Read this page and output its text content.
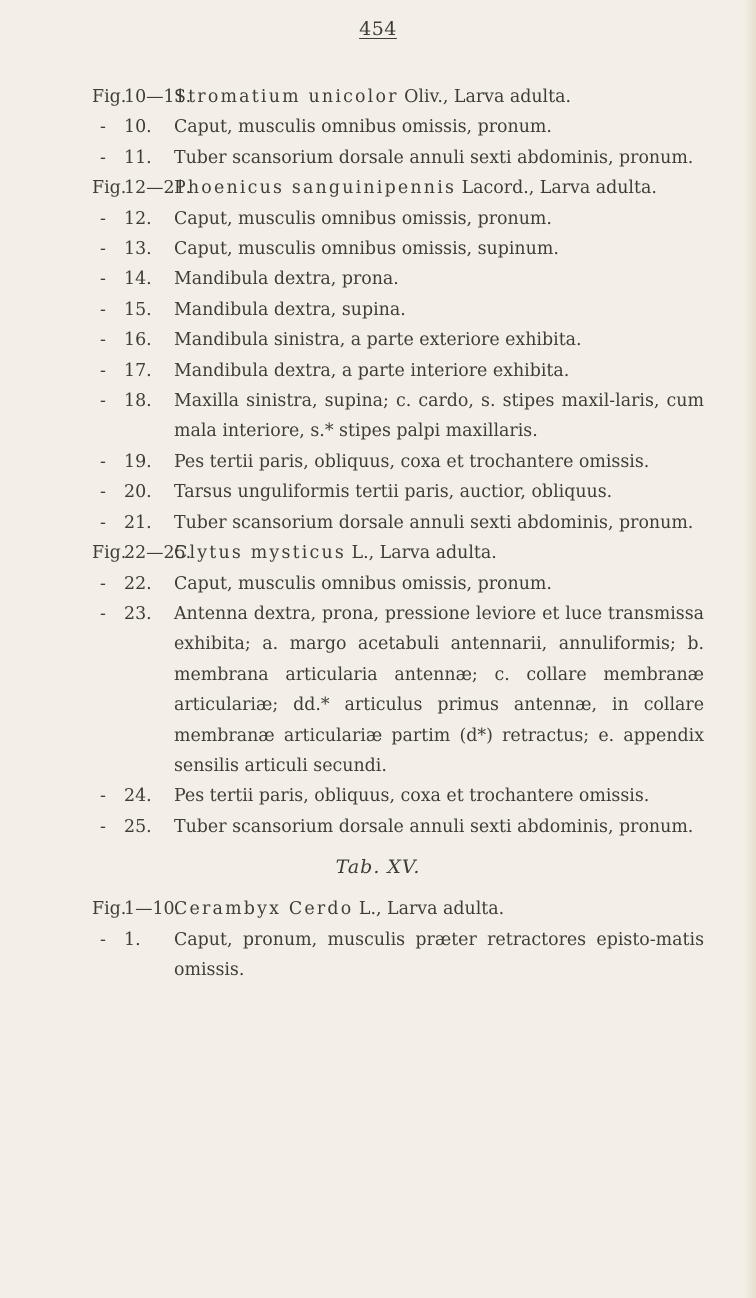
454
Fig.
10—11.
Stromatium unicolor Oliv., Larva adulta.
- 10. Caput, musculis omnibus omissis, pronum.
- 11. Tuber scansorium dorsale annuli sexti abdominis, pronum.
Fig.
12—21.
Phoenicus sanguinipennis Lacord., Larva adulta.
- 12. Caput, musculis omnibus omissis, pronum.
- 13. Caput, musculis omnibus omissis, supinum.
- 14. Mandibula dextra, prona.
- 15. Mandibula dextra, supina.
- 16. Mandibula sinistra, a parte exteriore exhibita.
- 17. Mandibula dextra, a parte interiore exhibita.
- 18. Maxilla sinistra, supina; c. cardo, s. stipes maxil-laris, cum mala interiore, s.* stipes palpi maxillaris.
- 19. Pes tertii paris, obliquus, coxa et trochantere omissis.
- 20. Tarsus unguliformis tertii paris, auctior, obliquus.
- 21. Tuber scansorium dorsale annuli sexti abdominis, pronum.
Fig.
22—25.
Clytus mysticus L., Larva adulta.
- 22. Caput, musculis omnibus omissis, pronum.
- 23. Antenna dextra, prona, pressione leviore et luce transmissa exhibita; a. margo acetabuli antennarii, annuliformis; b. membrana articularia antennæ; c. collare membranæ articulariæ; dd.* articulus primus antennæ, in collare membranæ articulariæ partim (d*) retractus; e. appendix sensilis articuli secundi.
- 24. Pes tertii paris, obliquus, coxa et trochantere omissis.
- 25. Tuber scansorium dorsale annuli sexti abdominis, pronum.
Tab. XV.
Fig.
1—10.
Cerambyx Cerdo L., Larva adulta.
- 1. Caput, pronum, musculis præter retractores episto-matis omissis.
